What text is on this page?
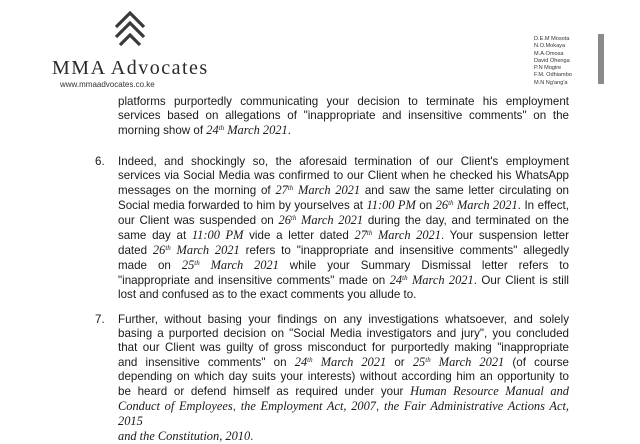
MMA Advocates
www.mmaadvocates.co.ke
D.E.M Mosota
N.O.Mokaya
M.A.Omosa
David Ohenga
P.N Mogire
F.M. Odhiambo
M.N Ng'ang'a
platforms purportedly communicating your decision to terminate his employment
services based on allegations of "inappropriate and insensitive comments" on the
morning show of 24th March 2021.
6. Indeed, and shockingly so, the aforesaid termination of our Client's employment
services via Social Media was confirmed to our Client when he checked his WhatsApp
messages on the morning of 27th March 2021 and saw the same letter circulating on
Social media forwarded to him by yourselves at 11:00 PM on 26th March 2021. In effect,
our Client was suspended on 26th March 2021 during the day, and terminated on the
same day at 11:00 PM vide a letter dated 27th March 2021. Your suspension letter
dated 26th March 2021 refers to "inappropriate and insensitive comments" allegedly
made on 25th March 2021 while your Summary Dismissal letter refers to
"inappropriate and insensitive comments" made on 24th March 2021. Our Client is still
lost and confused as to the exact comments you allude to.
7. Further, without basing your findings on any investigations whatsoever, and solely
basing a purported decision on "Social Media investigators and jury", you concluded
that our Client was guilty of gross misconduct for purportedly making "inappropriate
and insensitive comments" on 24th March 2021 or 25th March 2021 (of course
depending on which day suits your interests) without according him an opportunity to
be heard or defend himself as required under your Human Resource Manual and
Conduct of Employees, the Employment Act, 2007, the Fair Administrative Actions Act, 2015
and the Constitution, 2010.
